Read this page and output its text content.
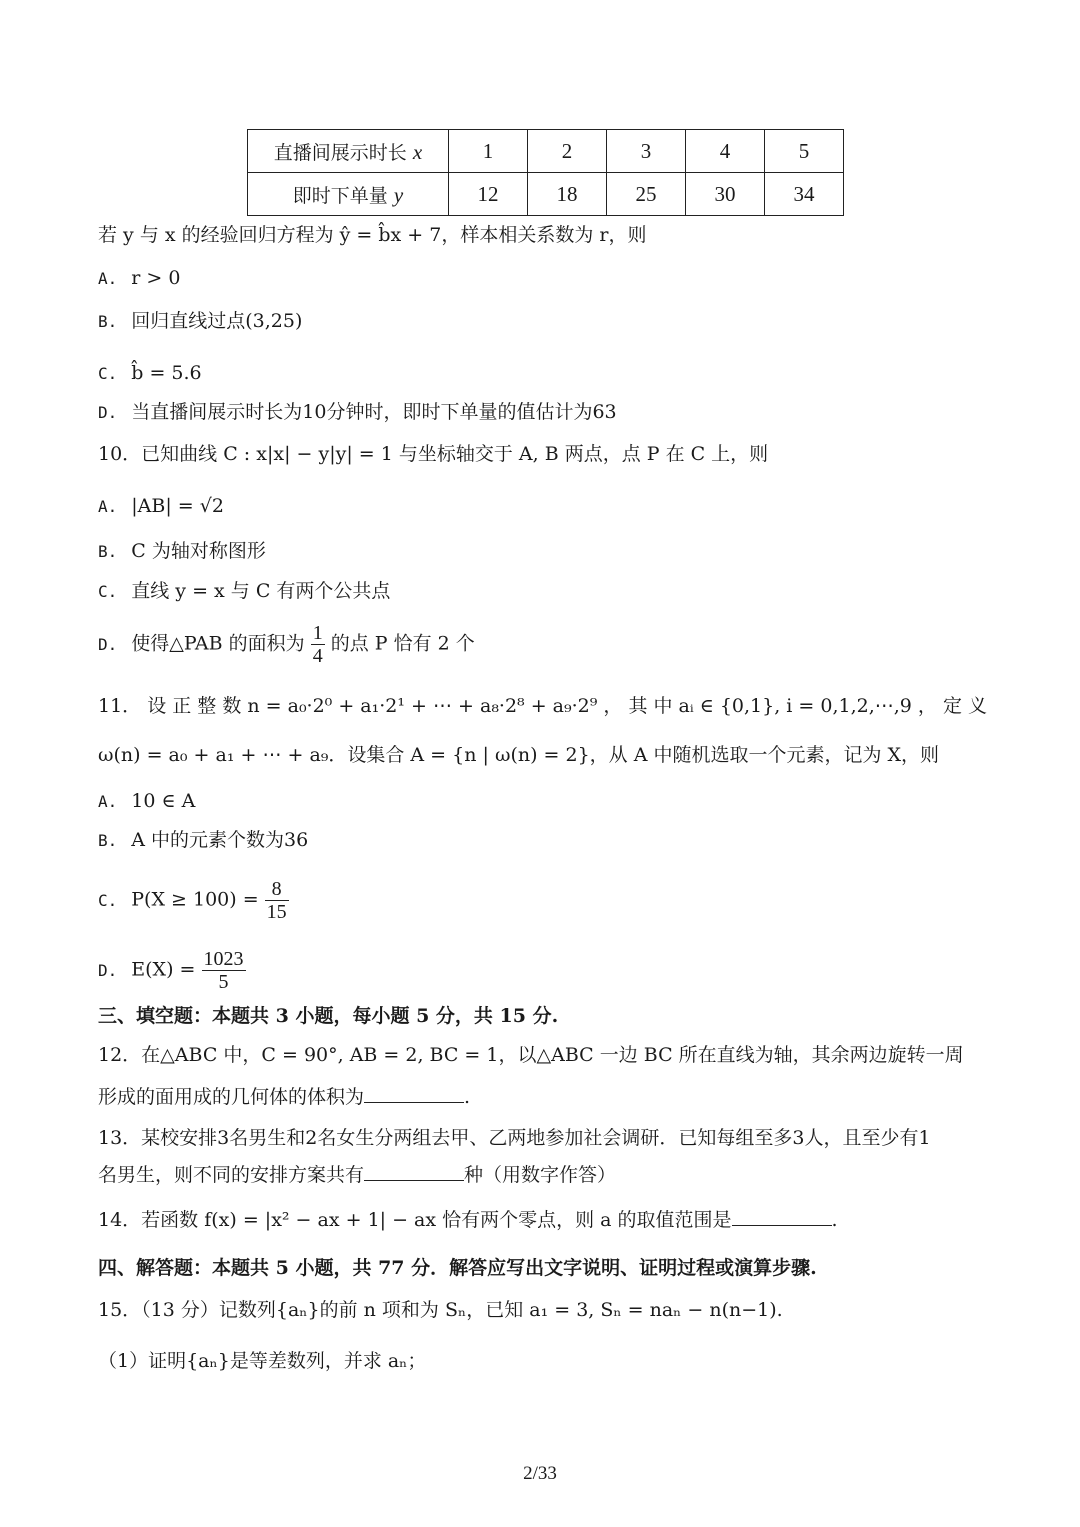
直播间展示时长 x	1	2	3	4	5
即时下单量 y	12	18	25	30	34
若 y 与 x 的经验回归方程为 ŷ = b̂x + 7，样本相关系数为 r，则
A. r > 0
B. 回归直线过点(3,25)
C. b̂ = 5.6
D. 当直播间展示时长为10分钟时，即时下单量的值估计为63
10．已知曲线 C : x|x| − y|y| = 1 与坐标轴交于 A, B 两点，点 P 在 C 上，则
A. |AB| = √2
B. C 为轴对称图形
C. 直线 y = x 与 C 有两个公共点
D. 使得△PAB 的面积为 $\frac{1}{4}$ 的点 P 恰有 2 个
11． 设 正 整 数 n = a₀·2⁰ + a₁·2¹ + ⋯ + a₈·2⁸ + a₉·2⁹ ， 其 中 aᵢ ∈ {0,1}, i = 0,1,2,⋯,9 ， 定 义
ω(n) = a₀ + a₁ + ⋯ + a₉．设集合 A = {n | ω(n) = 2}，从 A 中随机选取一个元素，记为 X，则
A. 10 ∈ A
B. A 中的元素个数为36
C. $P(X \ge 100) = \frac{8}{15}$
D. $E(X) = \frac{1023}{5}$
三、填空题：本题共 3 小题，每小题 5 分，共 15 分.
12．在△ABC 中，C = 90°, AB = 2, BC = 1，以△ABC 一边 BC 所在直线为轴，其余两边旋转一周
形成的面用成的几何体的体积为	.
13．某校安排3名男生和2名女生分两组去甲、乙两地参加社会调研．已知每组至多3人，且至少有1
名男生，则不同的安排方案共有	种（用数字作答）
14．若函数 f(x) = |x² − ax + 1| − ax 恰有两个零点，则 a 的取值范围是	.
四、解答题：本题共 5 小题，共 77 分．解答应写出文字说明、证明过程或演算步骤.
15．（13 分）记数列{aₙ}的前 n 项和为 Sₙ，已知 a₁ = 3, Sₙ = naₙ − n(n−1).
（1）证明{aₙ}是等差数列，并求 aₙ；
2/33
